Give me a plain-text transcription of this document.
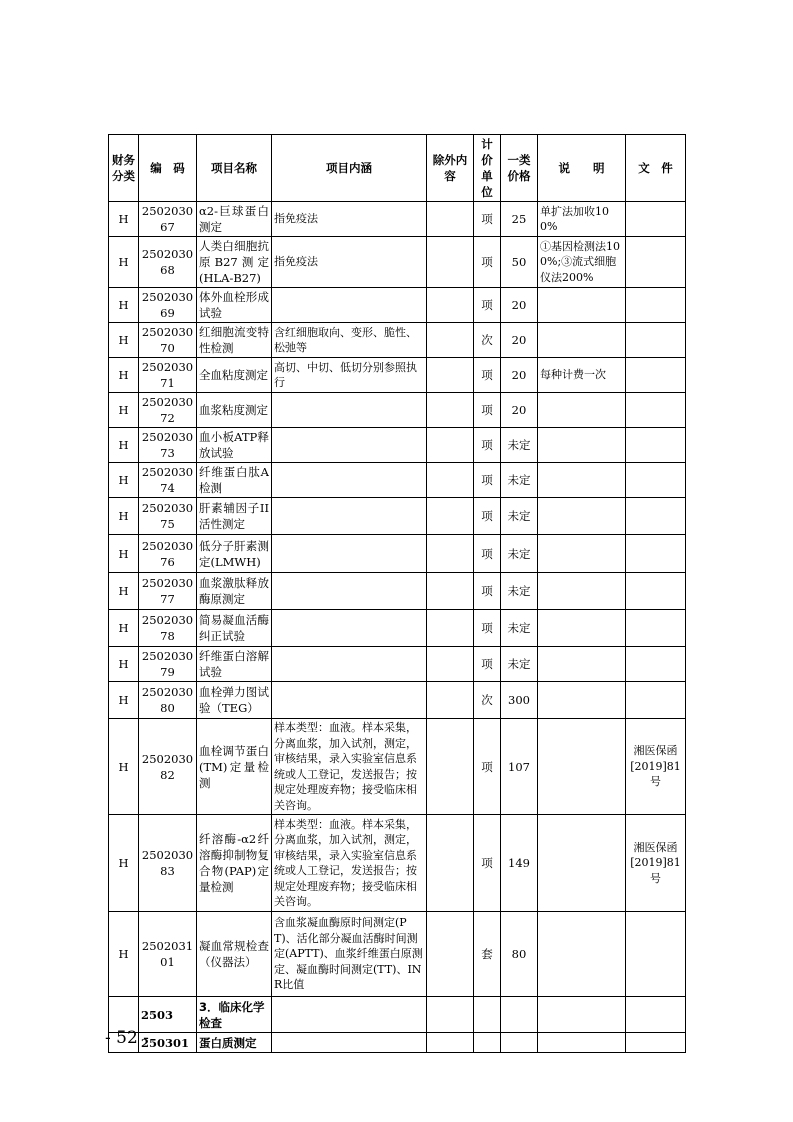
财务分类	编　码	项目名称	项目内涵	除外内容	计价单位	一类价格	说　　明	文　件
H	250203067	α2-巨球蛋白测定	指免疫法		项	25	单扩法加收100%	
H	250203068	人类白细胞抗原B27测定(HLA-B27)	指免疫法		项	50	①基因检测法100%;③流式细胞仪法200%	
H	250203069	体外血栓形成试验			项	20		
H	250203070	红细胞流变特性检测	含红细胞取向、变形、脆性、松弛等		次	20		
H	250203071	全血粘度测定	高切、中切、低切分别参照执行		项	20	每种计费一次	
H	250203072	血浆粘度测定			项	20		
H	250203073	血小板ATP释放试验			项	未定		
H	250203074	纤维蛋白肽A检测			项	未定		
H	250203075	肝素辅因子II活性测定			项	未定		
H	250203076	低分子肝素测定(LMWH)			项	未定		
H	250203077	血浆激肽释放酶原测定			项	未定		
H	250203078	简易凝血活酶纠正试验			项	未定		
H	250203079	纤维蛋白溶解试验			项	未定		
H	250203080	血栓弹力图试验（TEG）			次	300		
H	250203082	血栓调节蛋白(TM)定量检测	样本类型：血液。样本采集，分离血浆，加入试剂，测定，审核结果，录入实验室信息系统或人工登记，发送报告；按规定处理废弃物；接受临床相关咨询。		项	107		湘医保函[2019]81号
H	250203083	纤溶酶-α2纤溶酶抑制物复合物(PAP)定量检测	样本类型：血液。样本采集，分离血浆，加入试剂，测定，审核结果，录入实验室信息系统或人工登记，发送报告；按规定处理废弃物；接受临床相关咨询。		项	149		湘医保函[2019]81号
H	250203101	凝血常规检查（仪器法）	含血浆凝血酶原时间测定(PT)、活化部分凝血活酶时间测定(APTT)、血浆纤维蛋白原测定、凝血酶时间测定(TT)、INR比值		套	80		
	2503	3．临床化学检查						
	250301	蛋白质测定						
- 52 -
